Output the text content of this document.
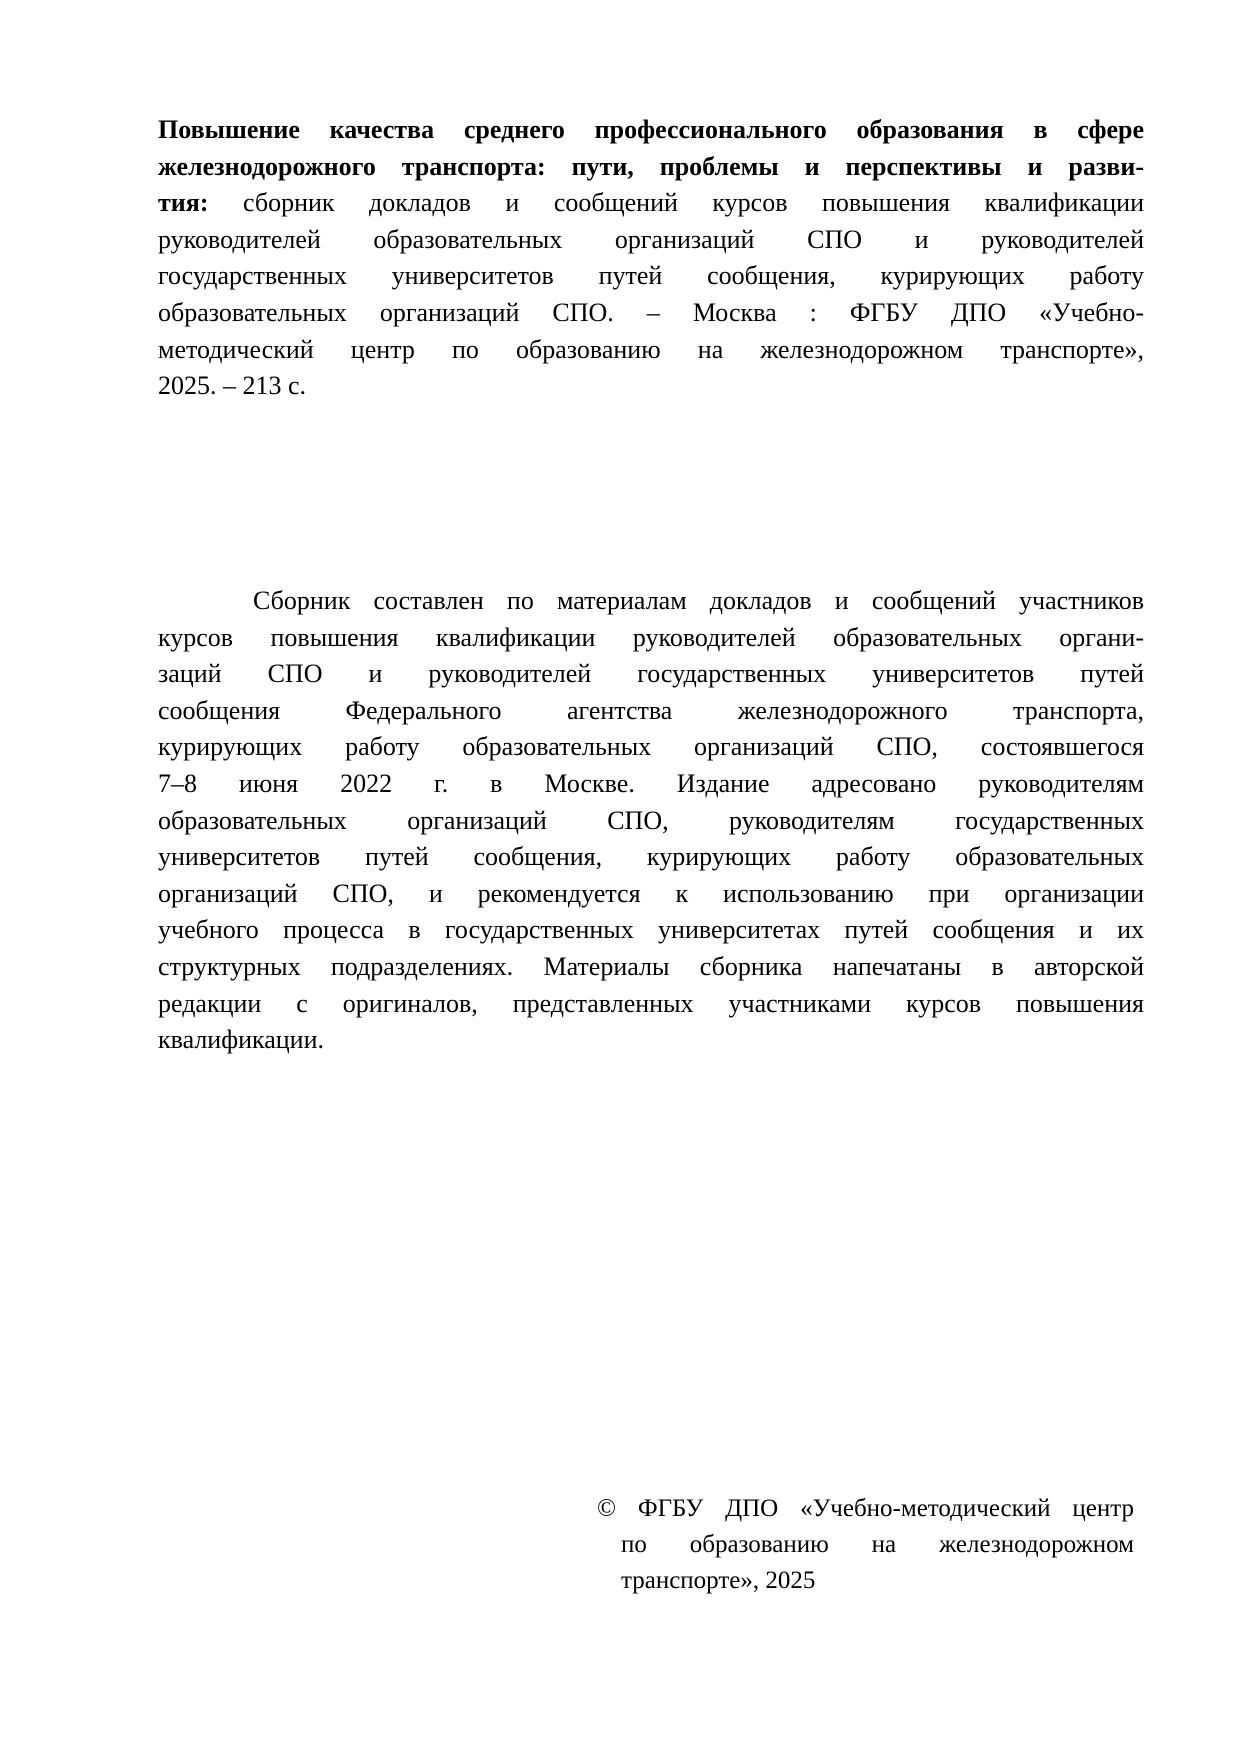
Повышение качества среднего профессионального образования в сфере
железнодорожного транспорта: пути, проблемы и перспективы и разви-
тия: сборник докладов и сообщений курсов повышения квалификации
руководителей образовательных организаций СПО и руководителей
государственных университетов путей сообщения, курирующих работу
образовательных организаций СПО. – Москва : ФГБУ ДПО «Учебно-
методический центр по образованию на железнодорожном транспорте»,
2025. – 213 с.
Сборник составлен по материалам докладов и сообщений участников
курсов повышения квалификации руководителей образовательных органи-
заций СПО и руководителей государственных университетов путей
сообщения Федерального агентства железнодорожного транспорта,
курирующих работу образовательных организаций СПО, состоявшегося
7–8 июня 2022 г. в Москве. Издание адресовано руководителям
образовательных организаций СПО, руководителям государственных
университетов путей сообщения, курирующих работу образовательных
организаций СПО, и рекомендуется к использованию при организации
учебного процесса в государственных университетах путей сообщения и их
структурных подразделениях. Материалы сборника напечатаны в авторской
редакции с оригиналов, представленных участниками курсов повышения
квалификации.
© ФГБУ ДПО «Учебно-методический центр
по образованию на железнодорожном
транспорте», 2025
